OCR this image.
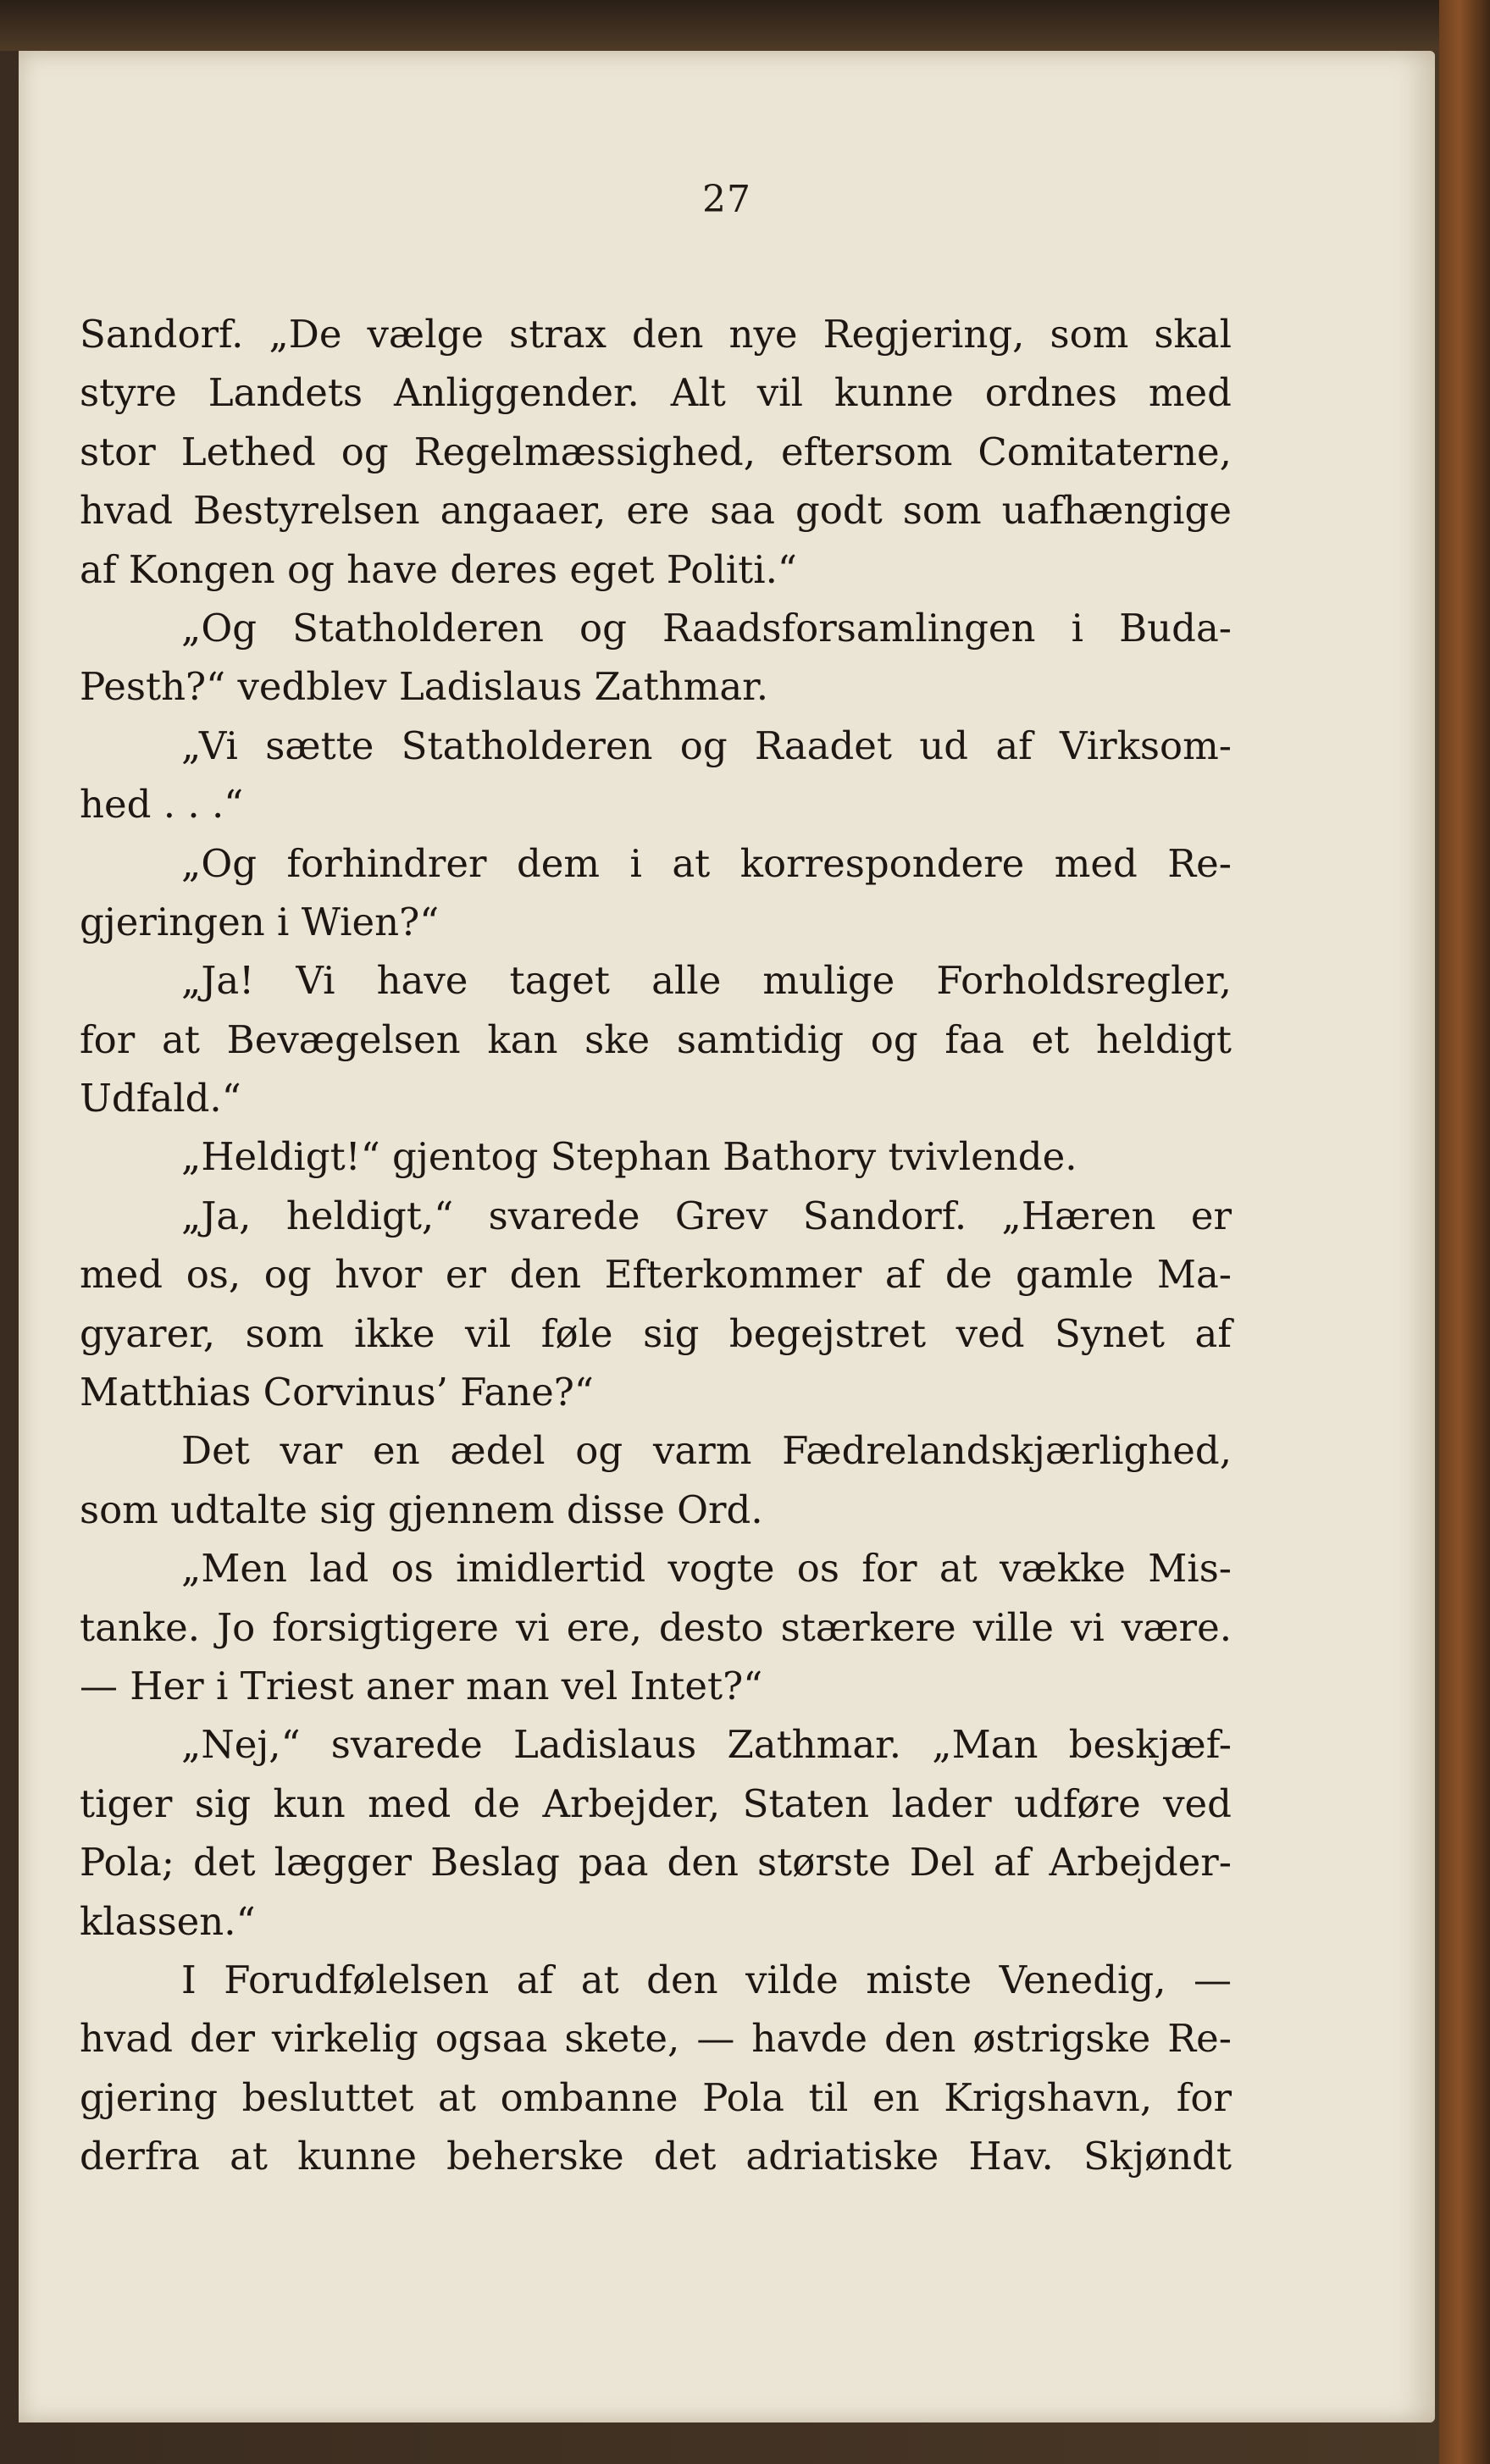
27
Sandorf. „De vælge strax den nye Regjering, som skal
styre Landets Anliggender. Alt vil kunne ordnes med
stor Lethed og Regelmæssighed, eftersom Comitaterne,
hvad Bestyrelsen angaaer, ere saa godt som uafhængige
af Kongen og have deres eget Politi.“
„Og Statholderen og Raadsforsamlingen i Buda-
Pesth?“ vedblev Ladislaus Zathmar.
„Vi sætte Statholderen og Raadet ud af Virksom-
hed . . .“
„Og forhindrer dem i at korrespondere med Re-
gjeringen i Wien?“
„Ja! Vi have taget alle mulige Forholdsregler,
for at Bevægelsen kan ske samtidig og faa et heldigt
Udfald.“
„Heldigt!“ gjentog Stephan Bathory tvivlende.
„Ja, heldigt,“ svarede Grev Sandorf. „Hæren er
med os, og hvor er den Efterkommer af de gamle Ma-
gyarer, som ikke vil føle sig begejstret ved Synet af
Matthias Corvinus’ Fane?“
Det var en ædel og varm Fædrelandskjærlighed,
som udtalte sig gjennem disse Ord.
„Men lad os imidlertid vogte os for at vække Mis-
tanke. Jo forsigtigere vi ere, desto stærkere ville vi være.
— Her i Triest aner man vel Intet?“
„Nej,“ svarede Ladislaus Zathmar. „Man beskjæf-
tiger sig kun med de Arbejder, Staten lader udføre ved
Pola; det lægger Beslag paa den største Del af Arbejder-
klassen.“
I Forudfølelsen af at den vilde miste Venedig, —
hvad der virkelig ogsaa skete, — havde den østrigske Re-
gjering besluttet at ombanne Pola til en Krigshavn, for
derfra at kunne beherske det adriatiske Hav. Skjøndt
